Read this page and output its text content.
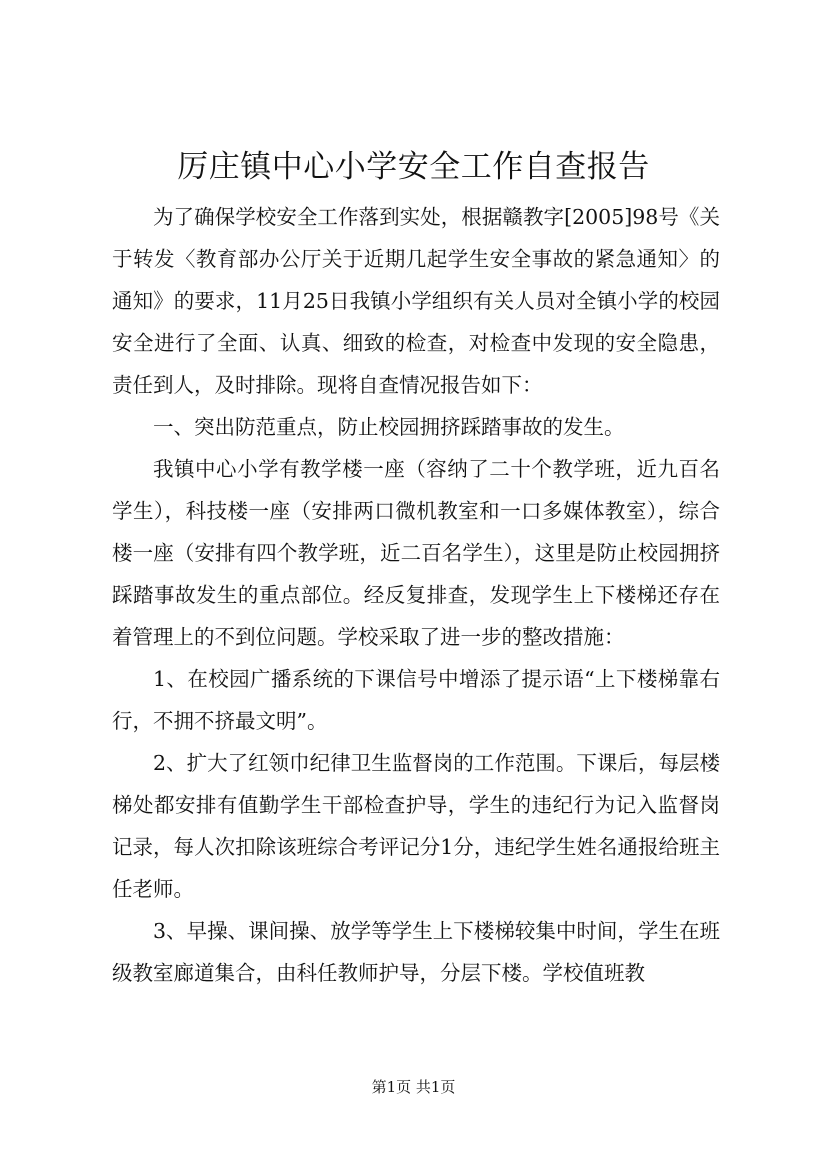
厉庄镇中心小学安全工作自查报告

为了确保学校安全工作落到实处，根据赣教字[2005]98号《关于转发〈教育部办公厅关于近期几起学生安全事故的紧急通知〉的通知》的要求，11月25日我镇小学组织有关人员对全镇小学的校园安全进行了全面、认真、细致的检查，对检查中发现的安全隐患，责任到人，及时排除。现将自查情况报告如下：

一、突出防范重点，防止校园拥挤踩踏事故的发生。

我镇中心小学有教学楼一座（容纳了二十个教学班，近九百名学生），科技楼一座（安排两口微机教室和一口多媒体教室），综合楼一座（安排有四个教学班，近二百名学生），这里是防止校园拥挤踩踏事故发生的重点部位。经反复排查，发现学生上下楼梯还存在着管理上的不到位问题。学校采取了进一步的整改措施：

1、在校园广播系统的下课信号中增添了提示语“上下楼梯靠右行，不拥不挤最文明”。

2、扩大了红领巾纪律卫生监督岗的工作范围。下课后，每层楼梯处都安排有值勤学生干部检查护导，学生的违纪行为记入监督岗记录，每人次扣除该班综合考评记分1分，违纪学生姓名通报给班主任老师。

3、早操、课间操、放学等学生上下楼梯较集中时间，学生在班级教室廊道集合，由科任教师护导，分层下楼。学校值班教

第1页 共1页
